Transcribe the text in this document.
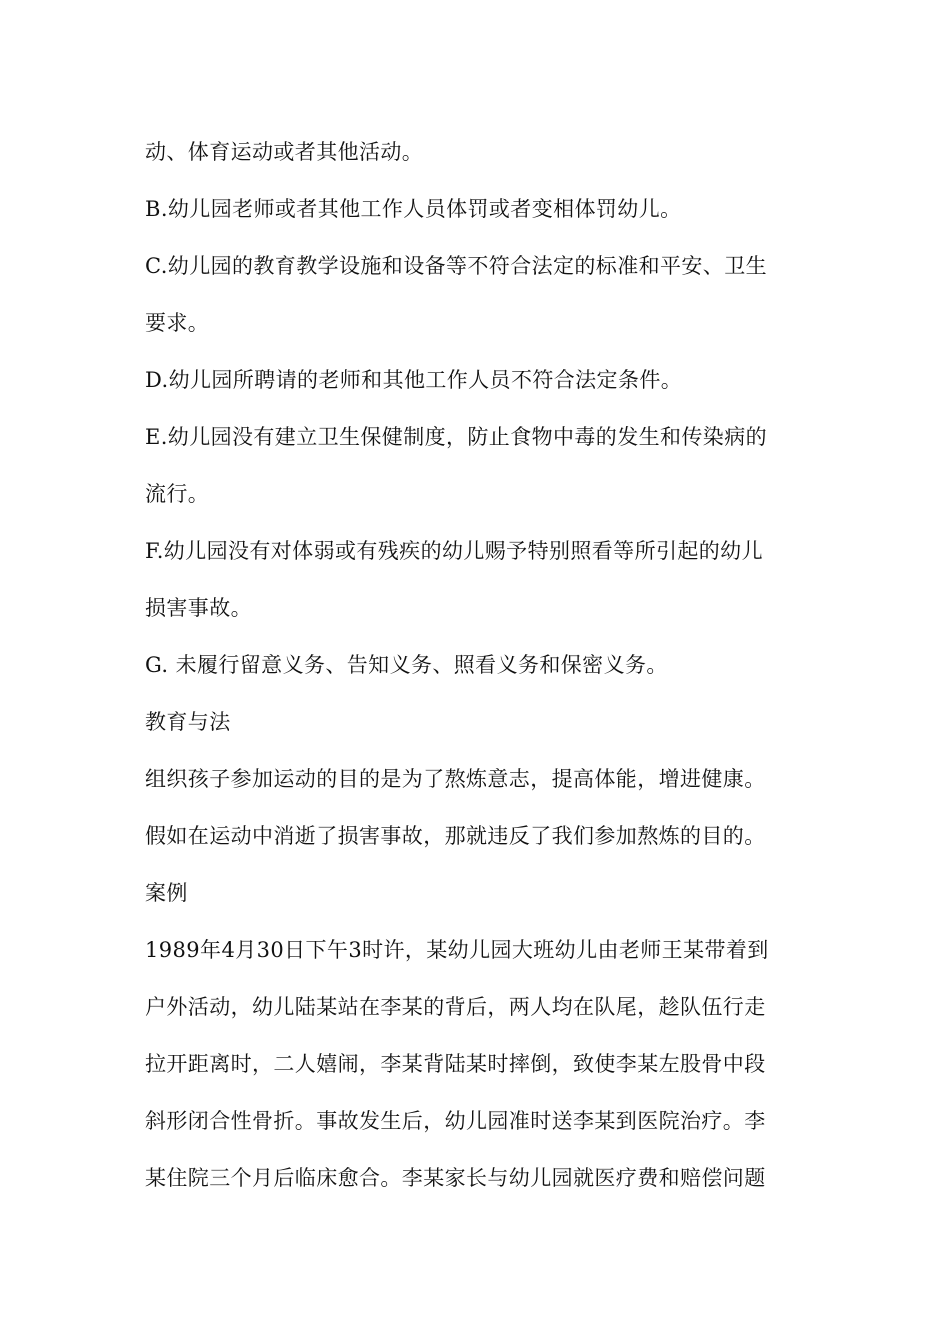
动、体育运动或者其他活动。
B.幼儿园老师或者其他工作人员体罚或者变相体罚幼儿。
C.幼儿园的教育教学设施和设备等不符合法定的标准和平安、卫生
要求。
D.幼儿园所聘请的老师和其他工作人员不符合法定条件。
E.幼儿园没有建立卫生保健制度，防止食物中毒的发生和传染病的
流行。
F.幼儿园没有对体弱或有残疾的幼儿赐予特别照看等所引起的幼儿
损害事故。
G. 未履行留意义务、告知义务、照看义务和保密义务。
教育与法
组织孩子参加运动的目的是为了熬炼意志，提高体能，增进健康。
假如在运动中消逝了损害事故，那就违反了我们参加熬炼的目的。
案例
1989年4月30日下午3时许，某幼儿园大班幼儿由老师王某带着到
户外活动，幼儿陆某站在李某的背后，两人均在队尾，趁队伍行走
拉开距离时，二人嬉闹，李某背陆某时摔倒，致使李某左股骨中段
斜形闭合性骨折。事故发生后，幼儿园准时送李某到医院治疗。李
某住院三个月后临床愈合。李某家长与幼儿园就医疗费和赔偿问题
